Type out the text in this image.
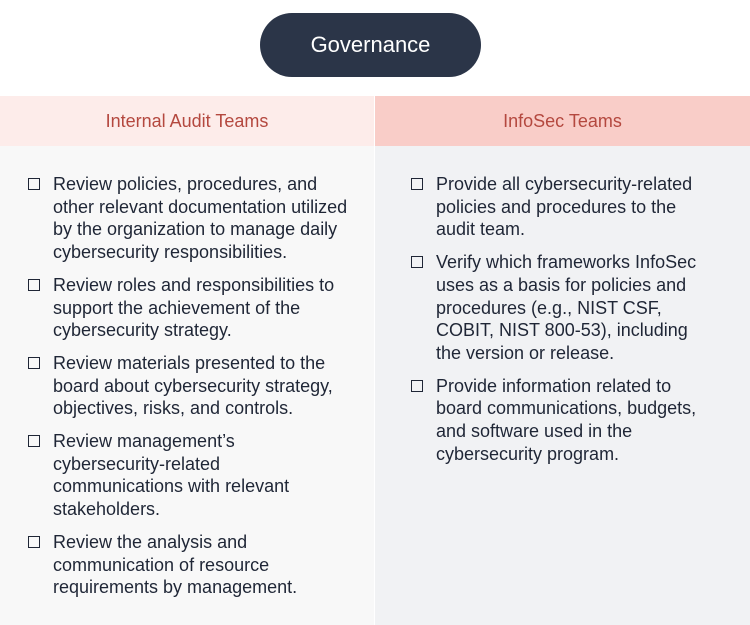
Governance
Internal Audit Teams
Review policies, procedures, and other relevant documentation utilized by the organization to manage daily cybersecurity responsibilities.
Review roles and responsibilities to support the achievement of the cybersecurity strategy.
Review materials presented to the board about cybersecurity strategy, objectives, risks, and controls.
Review management’s cybersecurity-related communications with relevant stakeholders.
Review the analysis and communication of resource requirements by management.
InfoSec Teams
Provide all cybersecurity-related policies and procedures to the audit team.
Verify which frameworks InfoSec uses as a basis for policies and procedures (e.g., NIST CSF, COBIT, NIST 800-53), including the version or release.
Provide information related to board communications, budgets, and software used in the cybersecurity program.
